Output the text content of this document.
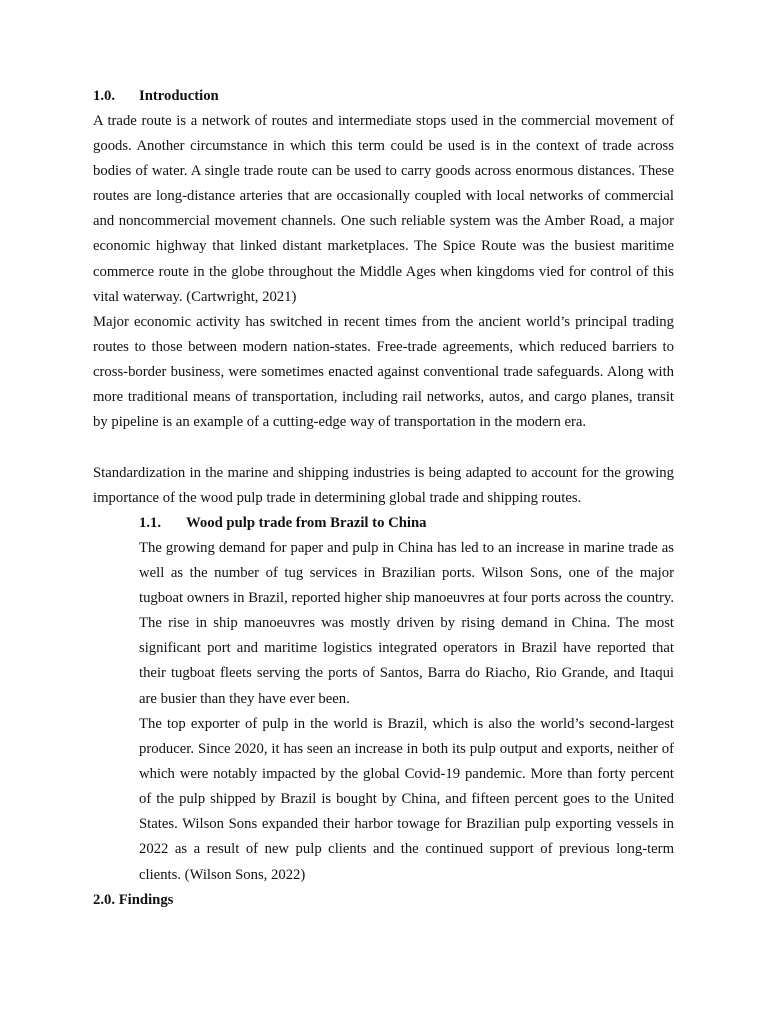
1.0. Introduction

A trade route is a network of routes and intermediate stops used in the commercial movement of goods. Another circumstance in which this term could be used is in the context of trade across bodies of water. A single trade route can be used to carry goods across enormous distances. These routes are long-distance arteries that are occasionally coupled with local networks of commercial and noncommercial movement channels. One such reliable system was the Amber Road, a major economic highway that linked distant marketplaces. The Spice Route was the busiest maritime commerce route in the globe throughout the Middle Ages when kingdoms vied for control of this vital waterway. (Cartwright, 2021)

Major economic activity has switched in recent times from the ancient world’s principal trading routes to those between modern nation-states. Free-trade agreements, which reduced barriers to cross-border business, were sometimes enacted against conventional trade safeguards. Along with more traditional means of transportation, including rail networks, autos, and cargo planes, transit by pipeline is an example of a cutting-edge way of transportation in the modern era.

Standardization in the marine and shipping industries is being adapted to account for the growing importance of the wood pulp trade in determining global trade and shipping routes.

1.1. Wood pulp trade from Brazil to China

The growing demand for paper and pulp in China has led to an increase in marine trade as well as the number of tug services in Brazilian ports. Wilson Sons, one of the major tugboat owners in Brazil, reported higher ship manoeuvres at four ports across the country. The rise in ship manoeuvres was mostly driven by rising demand in China. The most significant port and maritime logistics integrated operators in Brazil have reported that their tugboat fleets serving the ports of Santos, Barra do Riacho, Rio Grande, and Itaqui are busier than they have ever been.

The top exporter of pulp in the world is Brazil, which is also the world’s second-largest producer. Since 2020, it has seen an increase in both its pulp output and exports, neither of which were notably impacted by the global Covid-19 pandemic. More than forty percent of the pulp shipped by Brazil is bought by China, and fifteen percent goes to the United States. Wilson Sons expanded their harbor towage for Brazilian pulp exporting vessels in 2022 as a result of new pulp clients and the continued support of previous long-term clients. (Wilson Sons, 2022)

2.0. Findings
